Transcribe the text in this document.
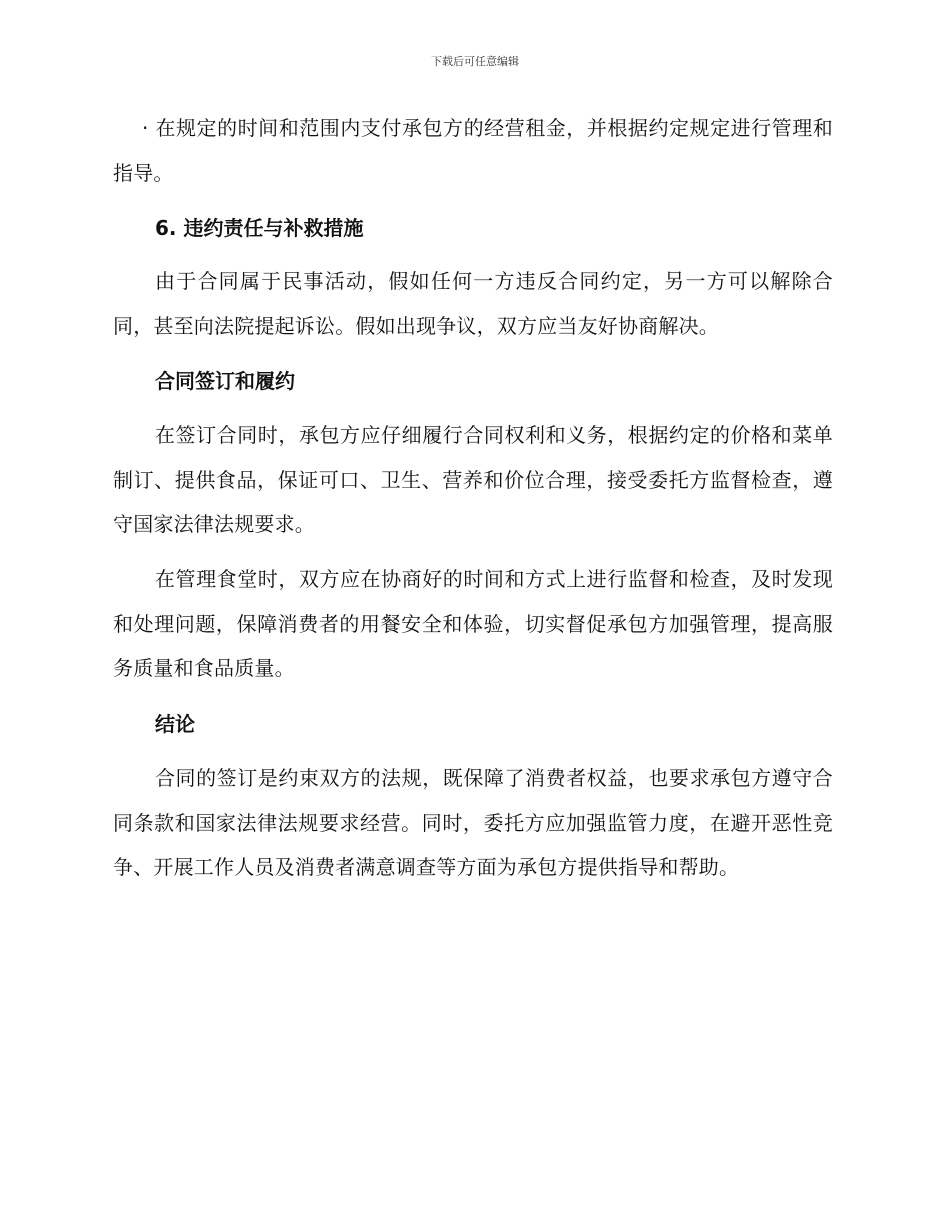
下载后可任意编辑

· 在规定的时间和范围内支付承包方的经营租金，并根据约定规定进行管理和指导。

6. 违约责任与补救措施

由于合同属于民事活动，假如任何一方违反合同约定，另一方可以解除合同，甚至向法院提起诉讼。假如出现争议，双方应当友好协商解决。

合同签订和履约

在签订合同时，承包方应仔细履行合同权利和义务，根据约定的价格和菜单制订、提供食品，保证可口、卫生、营养和价位合理，接受委托方监督检查，遵守国家法律法规要求。

在管理食堂时，双方应在协商好的时间和方式上进行监督和检查，及时发现和处理问题，保障消费者的用餐安全和体验，切实督促承包方加强管理，提高服务质量和食品质量。

结论

合同的签订是约束双方的法规，既保障了消费者权益，也要求承包方遵守合同条款和国家法律法规要求经营。同时，委托方应加强监管力度，在避开恶性竞争、开展工作人员及消费者满意调查等方面为承包方提供指导和帮助。
